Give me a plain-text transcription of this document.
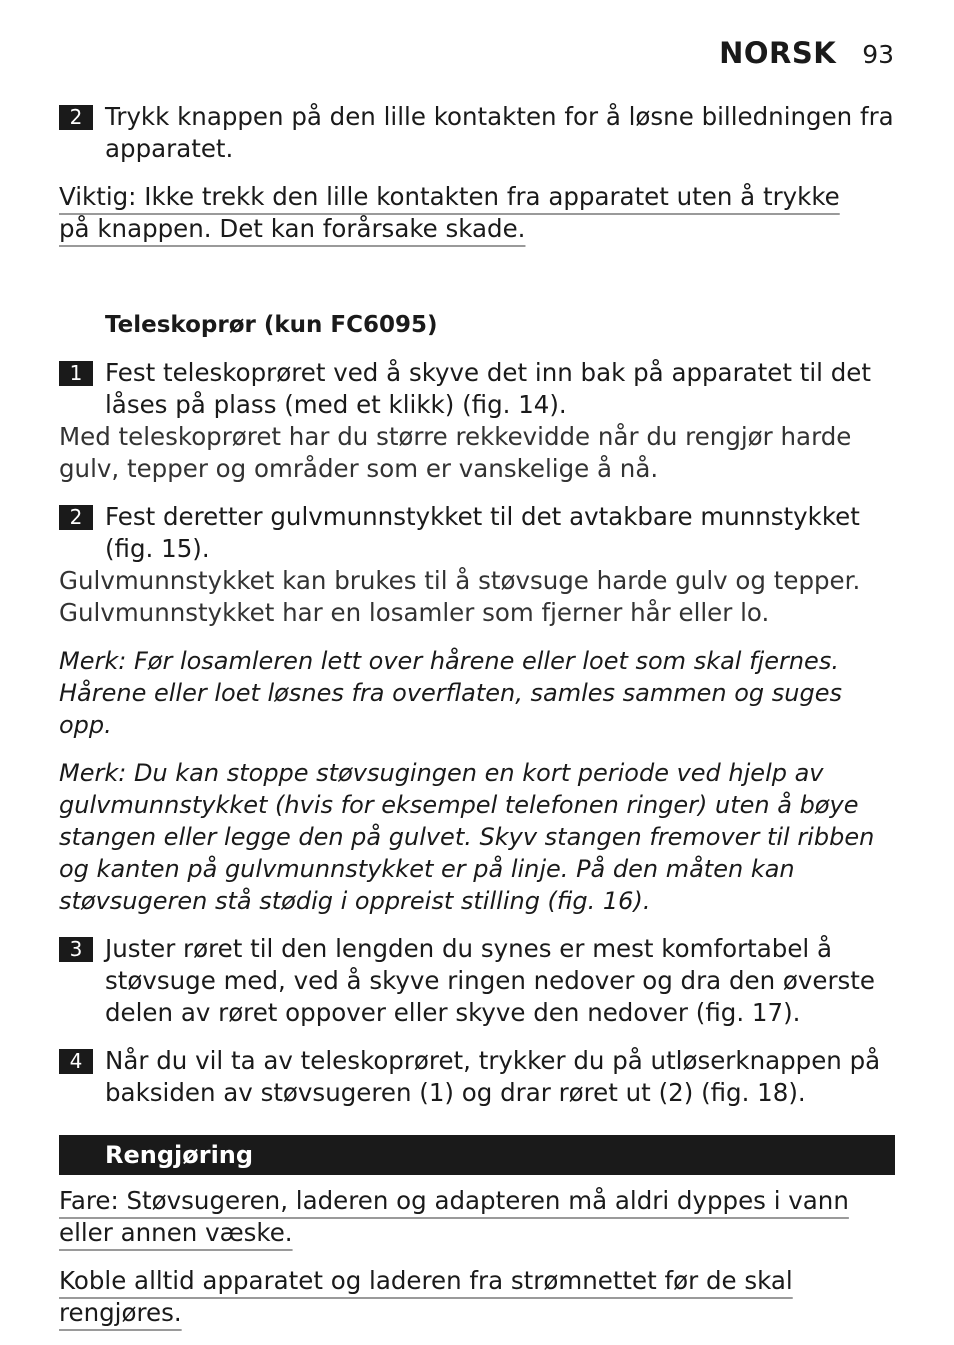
NORSK 93
2 Trykk knappen på den lille kontakten for å løsne billedningen fra apparatet.
Viktig: Ikke trekk den lille kontakten fra apparatet uten å trykke på knappen. Det kan forårsake skade.
Teleskoprør (kun FC6095)
1 Fest teleskoprøret ved å skyve det inn bak på apparatet til det låses på plass (med et klikk) (fig. 14).
Med teleskoprøret har du større rekkevidde når du rengjør harde gulv, tepper og områder som er vanskelige å nå.
2 Fest deretter gulvmunnstykket til det avtakbare munnstykket (fig. 15).
Gulvmunnstykket kan brukes til å støvsuge harde gulv og tepper. Gulvmunnstykket har en losamler som fjerner hår eller lo.
Merk: Før losamleren lett over hårene eller loet som skal fjernes. Hårene eller loet løsnes fra overflaten, samles sammen og suges opp.
Merk: Du kan stoppe støvsugingen en kort periode ved hjelp av gulvmunnstykket (hvis for eksempel telefonen ringer) uten å bøye stangen eller legge den på gulvet. Skyv stangen fremover til ribben og kanten på gulvmunnstykket er på linje. På den måten kan støvsugeren stå stødig i oppreist stilling (fig. 16).
3 Juster røret til den lengden du synes er mest komfortabel å støvsuge med, ved å skyve ringen nedover og dra den øverste delen av røret oppover eller skyve den nedover (fig. 17).
4 Når du vil ta av teleskoprøret, trykker du på utløserknappen på baksiden av støvsugeren (1) og drar røret ut (2) (fig. 18).
Rengjøring
Fare: Støvsugeren, laderen og adapteren må aldri dyppes i vann eller annen væske.
Koble alltid apparatet og laderen fra strømnettet før de skal rengjøres.
